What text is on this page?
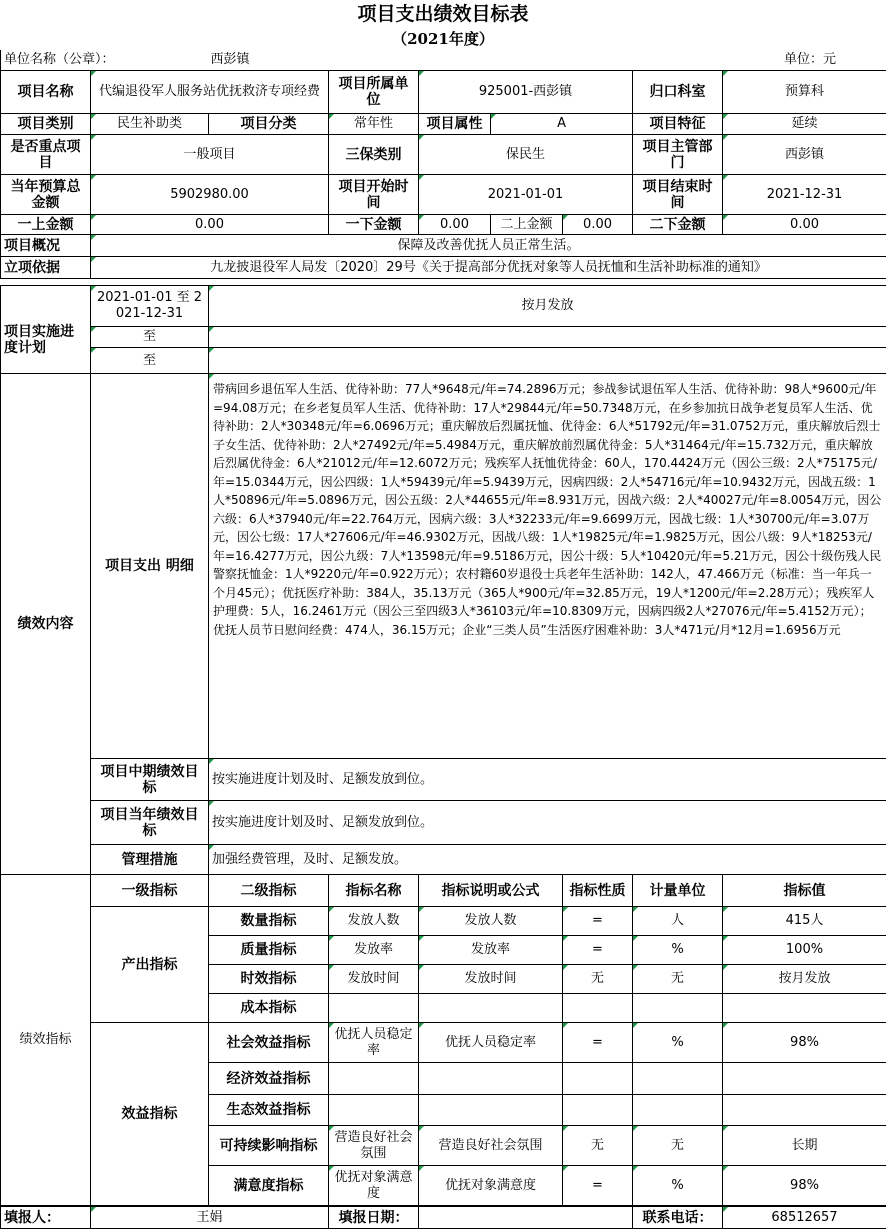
项目支出绩效目标表
（2021年度）
单位名称（公章）：	西彭镇	单位：元
项目名称	代编退役军人服务站优抚救济专项经费		项目所属单位	925001-西彭镇			归口科室	预算科
项目类别	民生补助类	项目分类	常年性	项目属性	A		项目特征	延续
是否重点项目	一般项目		三保类别	保民生			项目主管部门	西彭镇
当年预算总金额	5902980.00		项目开始时间	2021-01-01			项目结束时间	2021-12-31
一上金额	0.00		一下金额	0.00	二上金额	0.00	二下金额	0.00
项目概况	保障及改善优抚人员正常生活。							
立项依据	九龙披退役军人局发〔2020〕29号《关于提高部分优抚对象等人员抚恤和生活补助标准的通知》							
项目实施进度计划	2021-01-01 至 2021-12-31	按月发放
	至	
	至	
绩效内容	项目支出 明细	带病回乡退伍军人生活、优待补助：77人*9648元/年=74.2896万元；参战参试退伍军人生活、优待补助：98人*9600元/年=94.08万元；在乡老复员军人生活、优待补助：17人*29844元/年=50.7348万元，在乡参加抗日战争老复员军人生活、优待补助：2人*30348元/年=6.0696万元；重庆解放后烈属抚恤、优待金：6人*51792元/年=31.0752万元，重庆解放后烈士子女生活、优待补助：2人*27492元/年=5.4984万元，重庆解放前烈属优待金：5人*31464元/年=15.732万元，重庆解放后烈属优待金：6人*21012元/年=12.6072万元；残疾军人抚恤优待金：60人，170.4424万元（因公三级：2人*75175元/年=15.0344万元，因公四级：1人*59439元/年=5.9439万元，因病四级：2人*54716元/年=10.9432万元，因战五级：1人*50896元/年=5.0896万元，因公五级：2人*44655元/年=8.931万元，因战六级：2人*40027元/年=8.0054万元，因公六级：6人*37940元/年=22.764万元，因病六级：3人*32233元/年=9.6699万元，因战七级：1人*30700元/年=3.07万元，因公七级：17人*27606元/年=46.9302万元，因战八级：1人*19825元/年=1.9825万元，因公八级：9人*18253元/年=16.4277万元，因公九级：7人*13598元/年=9.5186万元，因公十级：5人*10420元/年=5.21万元，因公十级伤残人民警察抚恤金：1人*9220元/年=0.922万元）；农村籍60岁退役士兵老年生活补助：142人，47.466万元（标准：当一年兵一个月45元）；优抚医疗补助：384人，35.13万元（365人*900元/年=32.85万元，19人*1200元/年=2.28万元）；残疾军人护理费：5人，16.2461万元（因公三至四级3人*36103元/年=10.8309万元，因病四级2人*27076元/年=5.4152万元）；优抚人员节日慰问经费：474人，36.15万元；企业“三类人员”生活医疗困难补助：3人*471元/月*12月=1.6956万元
	项目中期绩效目标	按实施进度计划及时、足额发放到位。
	项目当年绩效目标	按实施进度计划及时、足额发放到位。
	管理措施	加强经费管理，及时、足额发放。
绩效指标	一级指标	二级指标	指标名称	指标说明或公式	指标性质	计量单位	指标值
	产出指标	数量指标	发放人数	发放人数	=	人	415人
		质量指标	发放率	发放率	=	%	100%
		时效指标	发放时间	发放时间	无	无	按月发放
		成本指标					
	效益指标	社会效益指标	优抚人员稳定率	优抚人员稳定率	=	%	98%
		经济效益指标					
		生态效益指标					
		可持续影响指标	营造良好社会氛围	营造良好社会氛围	无	无	长期
		满意度指标	优抚对象满意度	优抚对象满意度	=	%	98%
填报人：	王娟	填报日期：		联系电话：	68512657
